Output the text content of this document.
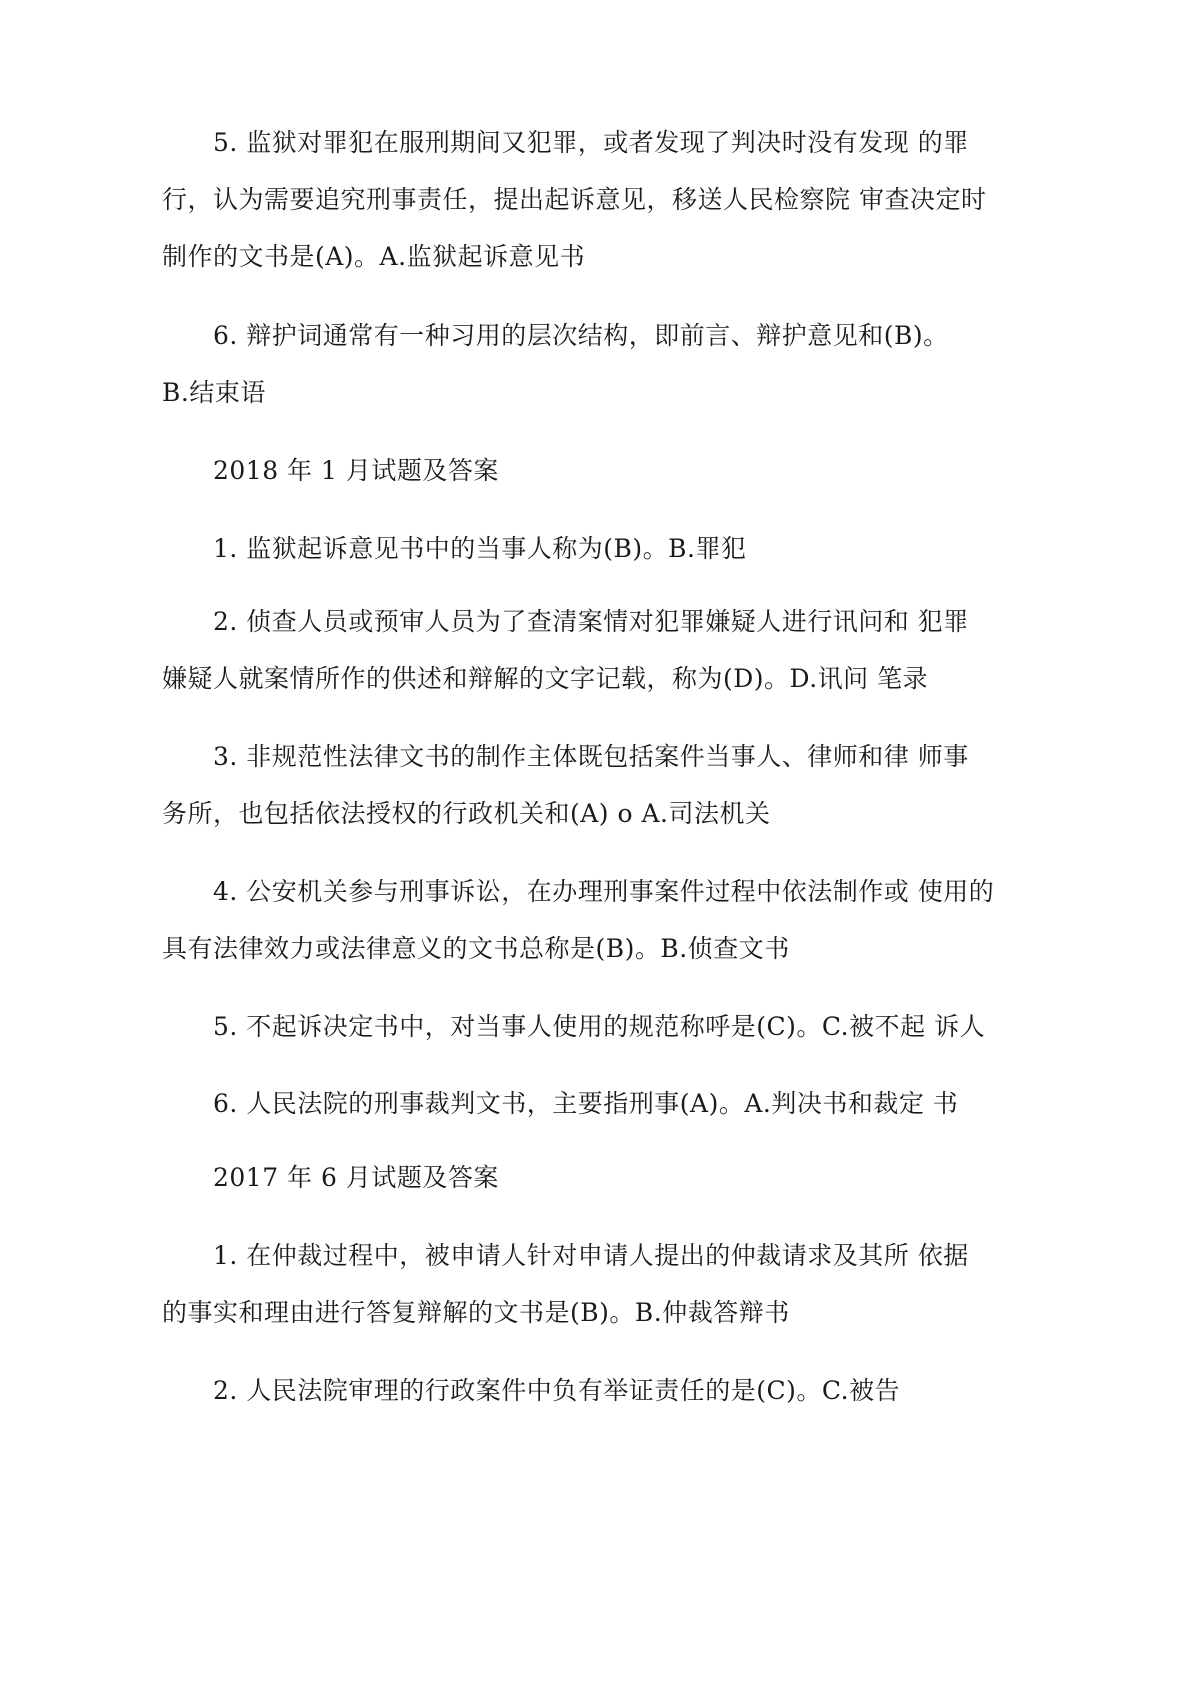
5. 监狱对罪犯在服刑期间又犯罪，或者发现了判决时没有发现 的罪
行，认为需要追究刑事责任，提出起诉意见，移送人民检察院 审查决定时
制作的文书是(A)。A.监狱起诉意见书
6. 辩护词通常有一种习用的层次结构，即前言、辩护意见和(B)。
B.结束语
2018 年 1 月试题及答案
1. 监狱起诉意见书中的当事人称为(B)。B.罪犯
2. 侦查人员或预审人员为了查清案情对犯罪嫌疑人进行讯问和 犯罪
嫌疑人就案情所作的供述和辩解的文字记载，称为(D)。D.讯问 笔录
3. 非规范性法律文书的制作主体既包括案件当事人、律师和律 师事
务所，也包括依法授权的行政机关和(A) o A.司法机关
4. 公安机关参与刑事诉讼，在办理刑事案件过程中依法制作或 使用的
具有法律效力或法律意义的文书总称是(B)。B.侦查文书
5. 不起诉决定书中，对当事人使用的规范称呼是(C)。C.被不起 诉人
6. 人民法院的刑事裁判文书，主要指刑事(A)。A.判决书和裁定 书
2017 年 6 月试题及答案
1. 在仲裁过程中，被申请人针对申请人提出的仲裁请求及其所 依据
的事实和理由进行答复辩解的文书是(B)。B.仲裁答辩书
2. 人民法院审理的行政案件中负有举证责任的是(C)。C.被告
